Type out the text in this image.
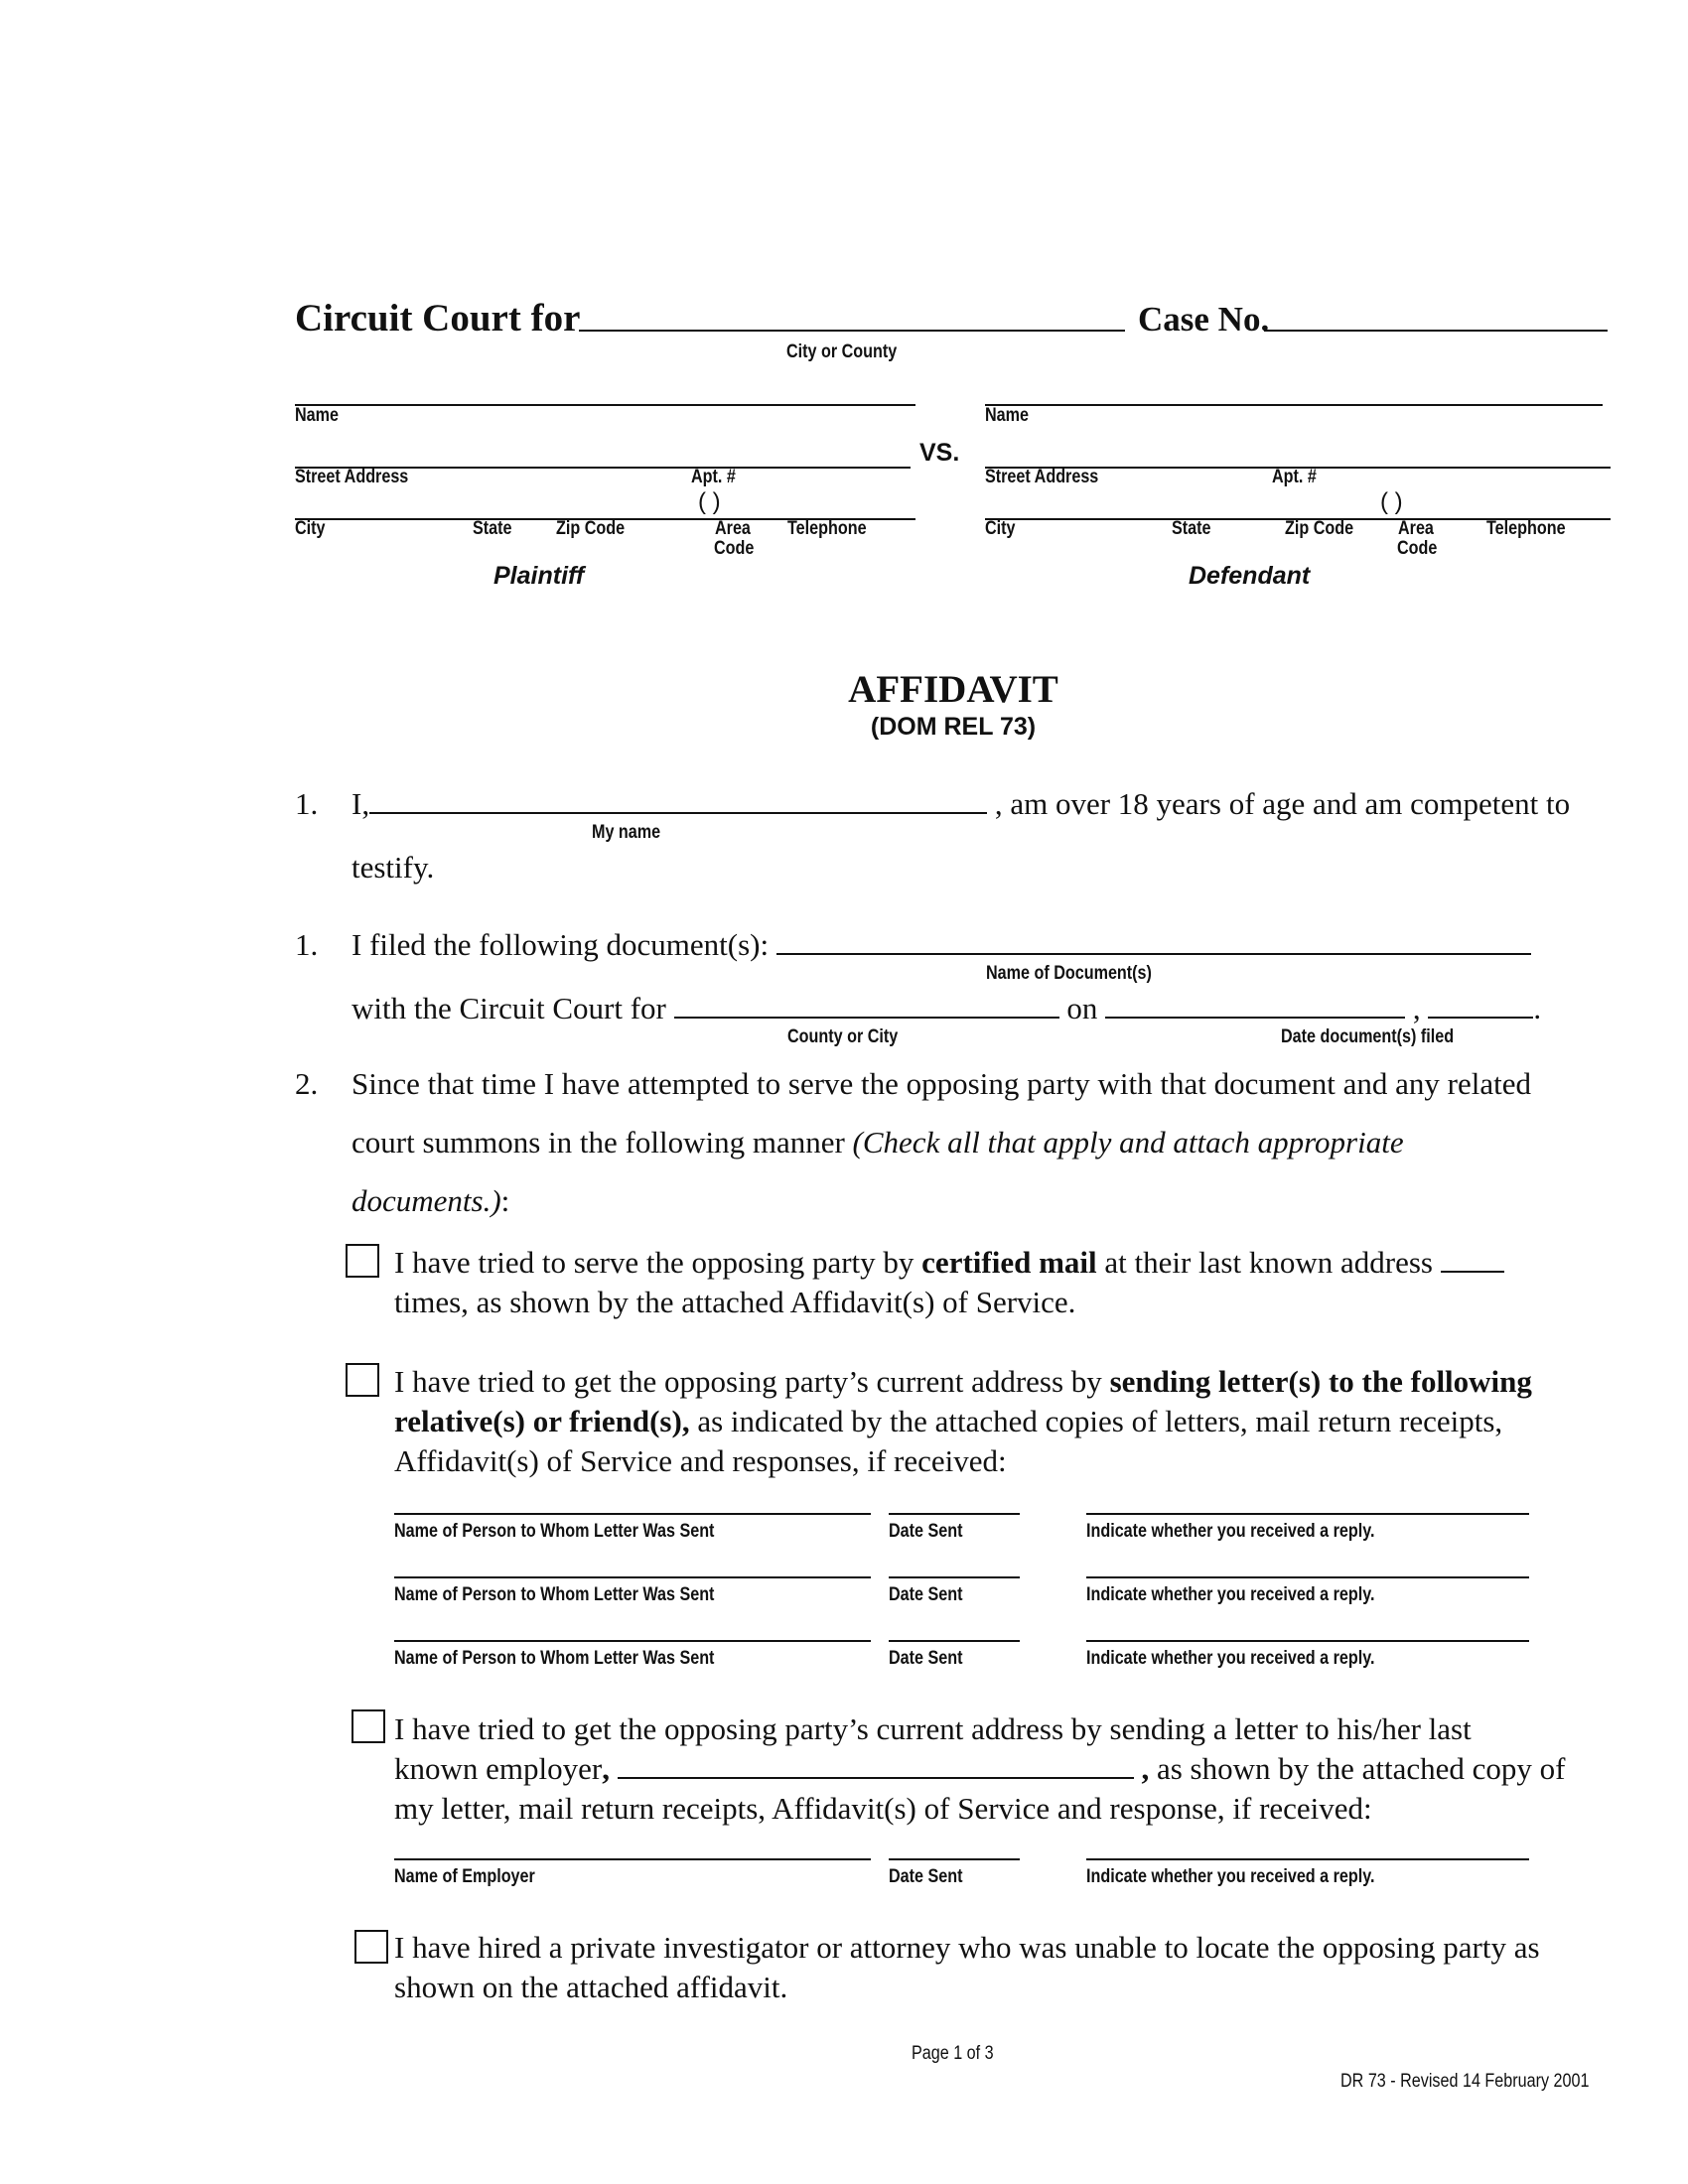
Circuit Court for
City or County
Case No.
Name
Street Address	Apt. #
( )
City	State Zip Code	Area
Code
Telephone
Plaintiff
VS.
Name
Street Address	Apt. #
( )
City	State	Zip Code Area
Code
Telephone
Defendant
AFFIDAVIT
(DOM REL 73)
1. I,	, am over 18 years of age and am competent to
My name
testify.
1. I filed the following document(s):
Name of Document(s)
with the Circuit Court for	on	,	.
County or City	Date document(s) filed
2. Since that time I have attempted to serve the opposing party with that document and any related
court summons in the following manner (Check all that apply and attach appropriate
documents.):
I have tried to serve the opposing party by certified mail at their last known address
times, as shown by the attached Affidavit(s) of Service.
I have tried to get the opposing party’s current address by sending letter(s) to the following
relative(s) or friend(s), as indicated by the attached copies of letters, mail return receipts,
Affidavit(s) of Service and responses, if received:
Name of Person to Whom Letter Was Sent	Date Sent	Indicate whether you received a reply.
Name of Person to Whom Letter Was Sent	Date Sent	Indicate whether you received a reply.
Name of Person to Whom Letter Was Sent	Date Sent	Indicate whether you received a reply.
I have tried to get the opposing party’s current address by sending a letter to his/her last
known employer,	, as shown by the attached copy of
my letter, mail return receipts, Affidavit(s) of Service and response, if received:
Name of Employer	Date Sent	Indicate whether you received a reply.
I have hired a private investigator or attorney who was unable to locate the opposing party as
shown on the attached affidavit.
Page 1 of 3
DR 73 - Revised 14 February 2001
